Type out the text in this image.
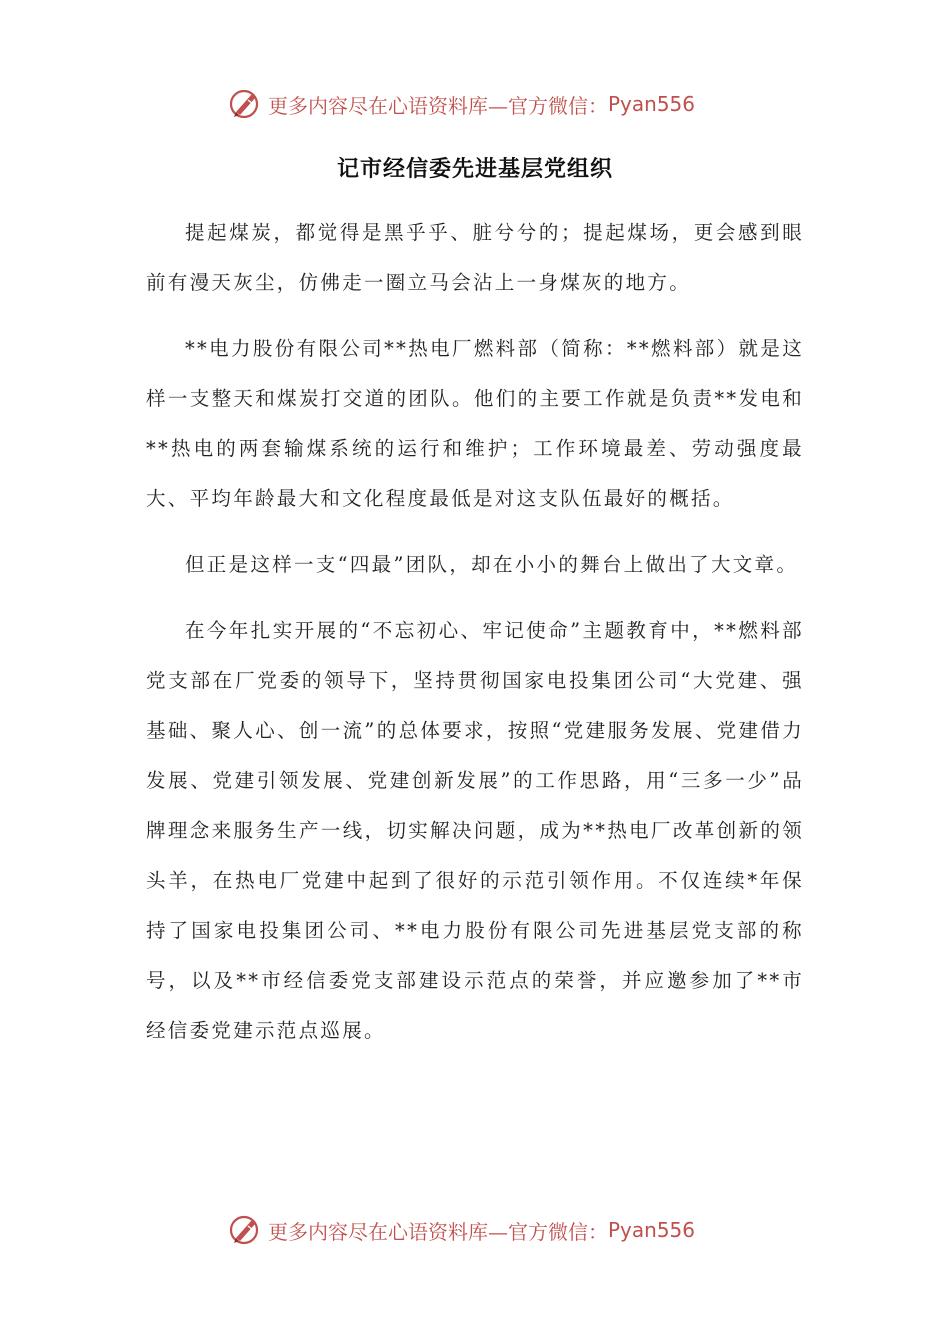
更多内容尽在心语资料库—官方微信： Pyan556
记市经信委先进基层党组织

提起煤炭，都觉得是黑乎乎、脏兮兮的；提起煤场，更会感到眼前有漫天灰尘，仿佛走一圈立马会沾上一身煤灰的地方。

**电力股份有限公司**热电厂燃料部（简称：**燃料部）就是这样一支整天和煤炭打交道的团队。他们的主要工作就是负责**发电和**热电的两套输煤系统的运行和维护；工作环境最差、劳动强度最大、平均年龄最大和文化程度最低是对这支队伍最好的概括。

但正是这样一支“四最”团队，却在小小的舞台上做出了大文章。

在今年扎实开展的“不忘初心、牢记使命”主题教育中，**燃料部党支部在厂党委的领导下，坚持贯彻国家电投集团公司“大党建、强基础、聚人心、创一流”的总体要求，按照“党建服务发展、党建借力发展、党建引领发展、党建创新发展”的工作思路，用“三多一少”品牌理念来服务生产一线，切实解决问题，成为**热电厂改革创新的领头羊，在热电厂党建中起到了很好的示范引领作用。不仅连续*年保持了国家电投集团公司、**电力股份有限公司先进基层党支部的称号，以及**市经信委党支部建设示范点的荣誉，并应邀参加了**市经信委党建示范点巡展。

更多内容尽在心语资料库—官方微信： Pyan556
